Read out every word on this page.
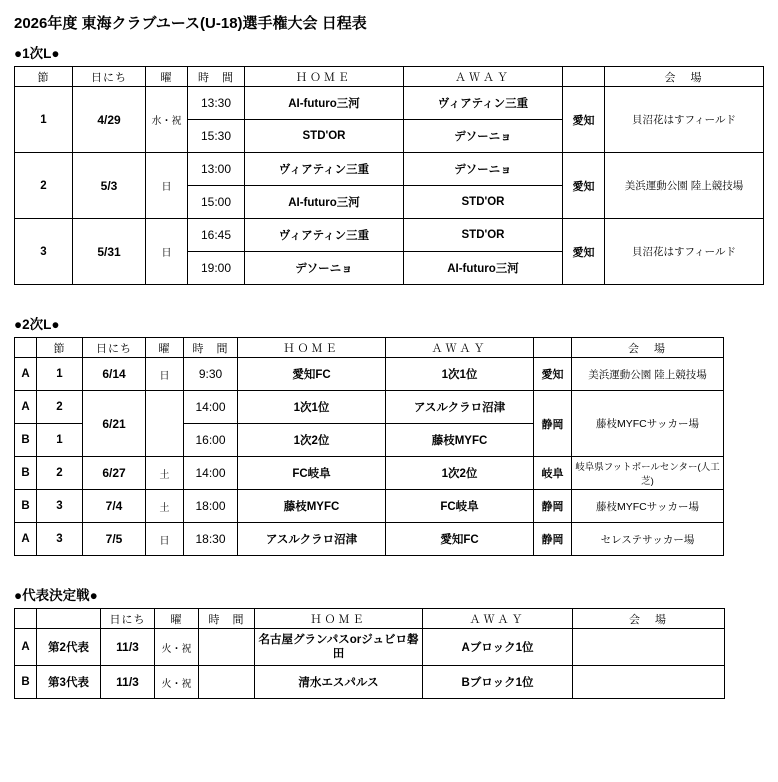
2026年度 東海クラブユース(U-18)選手権大会 日程表
●1次L●
節	日にち	曜	時　間	ＨＯＭＥ	ＡＷＡＹ		会　場
1	4/29	水・祝	13:30	AI-futuro三河	ヴィアティン三重	愛知	貝沼花はすフィールド
			15:30	STD'OR	デソーニョ		
2	5/3	日	13:00	ヴィアティン三重	デソーニョ	愛知	美浜運動公園 陸上競技場
			15:00	AI-futuro三河	STD'OR		
3	5/31	日	16:45	ヴィアティン三重	STD'OR	愛知	貝沼花はすフィールド
			19:00	デソーニョ	AI-futuro三河		
●2次L●
	節	日にち	曜	時　間	ＨＯＭＥ	ＡＷＡＹ		会　場
A	1	6/14	日	9:30	愛知FC	1次1位	愛知	美浜運動公園 陸上競技場
A	2	6/21		14:00	1次1位	アスルクラロ沼津	静岡	藤枝MYFCサッカー場
B	1			16:00	1次2位	藤枝MYFC		
B	2	6/27	土	14:00	FC岐阜	1次2位	岐阜	岐阜県フットボールセンター(人工芝)
B	3	7/4	土	18:00	藤枝MYFC	FC岐阜	静岡	藤枝MYFCサッカー場
A	3	7/5	日	18:30	アスルクラロ沼津	愛知FC	静岡	セレステサッカー場
●代表決定戦●
		日にち	曜	時　間	ＨＯＭＥ	ＡＷＡＹ	会　場
A	第2代表	11/3	火・祝		名古屋グランパスorジュビロ磐田	Aブロック1位	
B	第3代表	11/3	火・祝		清水エスパルス	Bブロック1位	
